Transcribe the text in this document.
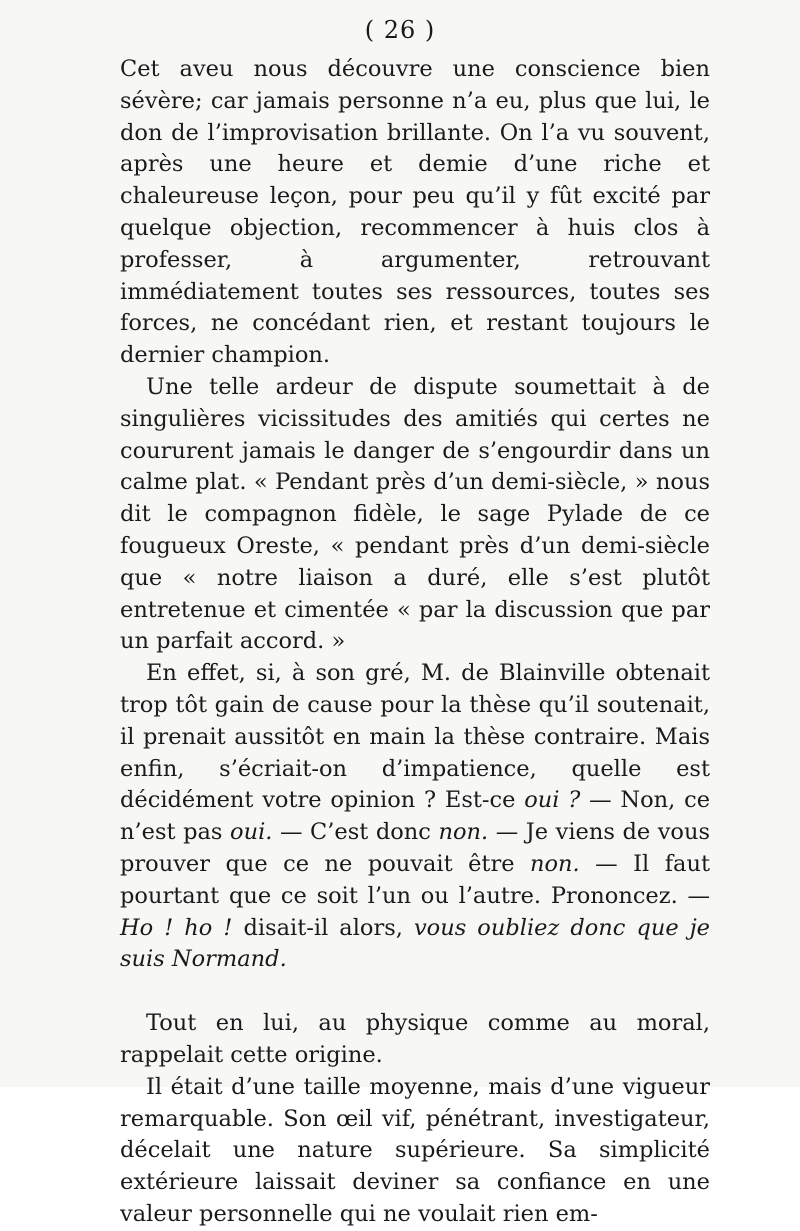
( 26 )

Cet aveu nous découvre une conscience bien sévère; car jamais personne n’a eu, plus que lui, le don de l’improvisation brillante. On l’a vu souvent, après une heure et demie d’une riche et chaleureuse leçon, pour peu qu’il y fût excité par quelque objection, recommencer à huis clos à professer, à argumenter, retrouvant immédiatement toutes ses ressources, toutes ses forces, ne concédant rien, et restant toujours le dernier champion.

Une telle ardeur de dispute soumettait à de singulières vicissitudes des amitiés qui certes ne coururent jamais le danger de s’engourdir dans un calme plat. « Pendant près d’un demi-siècle, » nous dit le compagnon fidèle, le sage Pylade de ce fougueux Oreste, « pendant près d’un demi-siècle que « notre liaison a duré, elle s’est plutôt entretenue et cimentée « par la discussion que par un parfait accord. »

En effet, si, à son gré, M. de Blainville obtenait trop tôt gain de cause pour la thèse qu’il soutenait, il prenait aussitôt en main la thèse contraire. Mais enfin, s’écriait-on d’impatience, quelle est décidément votre opinion ? Est-ce oui ? — Non, ce n’est pas oui. — C’est donc non. — Je viens de vous prouver que ce ne pouvait être non. — Il faut pourtant que ce soit l’un ou l’autre. Prononcez. — Ho ! ho ! disait-il alors, vous oubliez donc que je suis Normand.

Tout en lui, au physique comme au moral, rappelait cette origine.

Il était d’une taille moyenne, mais d’une vigueur remarquable. Son œil vif, pénétrant, investigateur, décelait une nature supérieure. Sa simplicité extérieure laissait deviner sa confiance en une valeur personnelle qui ne voulait rien em-
